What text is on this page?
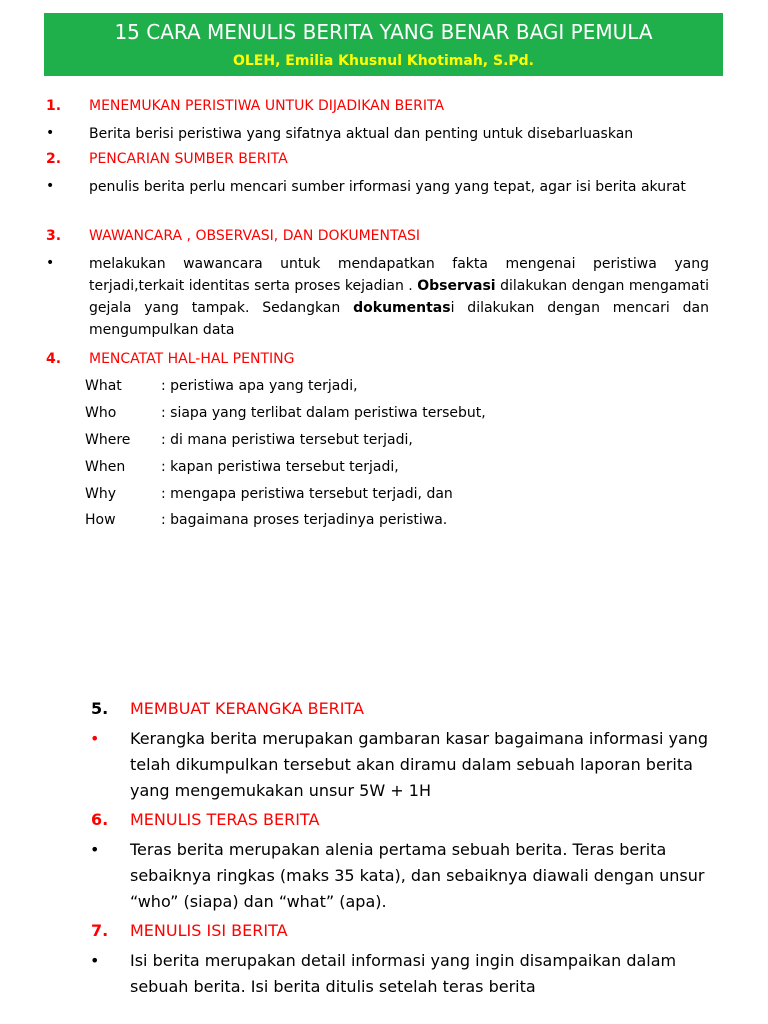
15 CARA MENULIS BERITA YANG BENAR BAGI PEMULA
OLEH, Emilia Khusnul Khotimah, S.Pd.
1. MENEMUKAN PERISTIWA UNTUK DIJADIKAN BERITA
• Berita berisi peristiwa yang sifatnya aktual dan penting untuk disebarluaskan
2. PENCARIAN SUMBER BERITA
• penulis berita perlu mencari sumber irformasi yang yang tepat, agar isi berita akurat
3. WAWANCARA , OBSERVASI, DAN DOKUMENTASI
• melakukan wawancara untuk mendapatkan fakta mengenai peristiwa yang terjadi,terkait identitas serta proses kejadian . Observasi dilakukan dengan mengamati gejala yang tampak. Sedangkan dokumentasi dilakukan dengan mencari dan mengumpulkan data
4. MENCATAT HAL-HAL PENTING
What	: peristiwa apa yang terjadi,
Who	: siapa yang terlibat dalam peristiwa tersebut,
Where : di mana peristiwa tersebut terjadi,
When	: kapan peristiwa tersebut terjadi,
Why	: mengapa peristiwa tersebut terjadi, dan
How	: bagaimana proses terjadinya peristiwa.
5. MEMBUAT KERANGKA BERITA
• Kerangka berita merupakan gambaran kasar bagaimana informasi yang telah dikumpulkan tersebut akan diramu dalam sebuah laporan berita yang mengemukakan unsur 5W + 1H
6. MENULIS TERAS BERITA
• Teras berita merupakan alenia pertama sebuah berita. Teras berita sebaiknya ringkas (maks 35 kata), dan sebaiknya diawali dengan unsur “who” (siapa) dan “what” (apa).
7. MENULIS ISI BERITA
• Isi berita merupakan detail informasi yang ingin disampaikan dalam sebuah berita. Isi berita ditulis setelah teras berita
